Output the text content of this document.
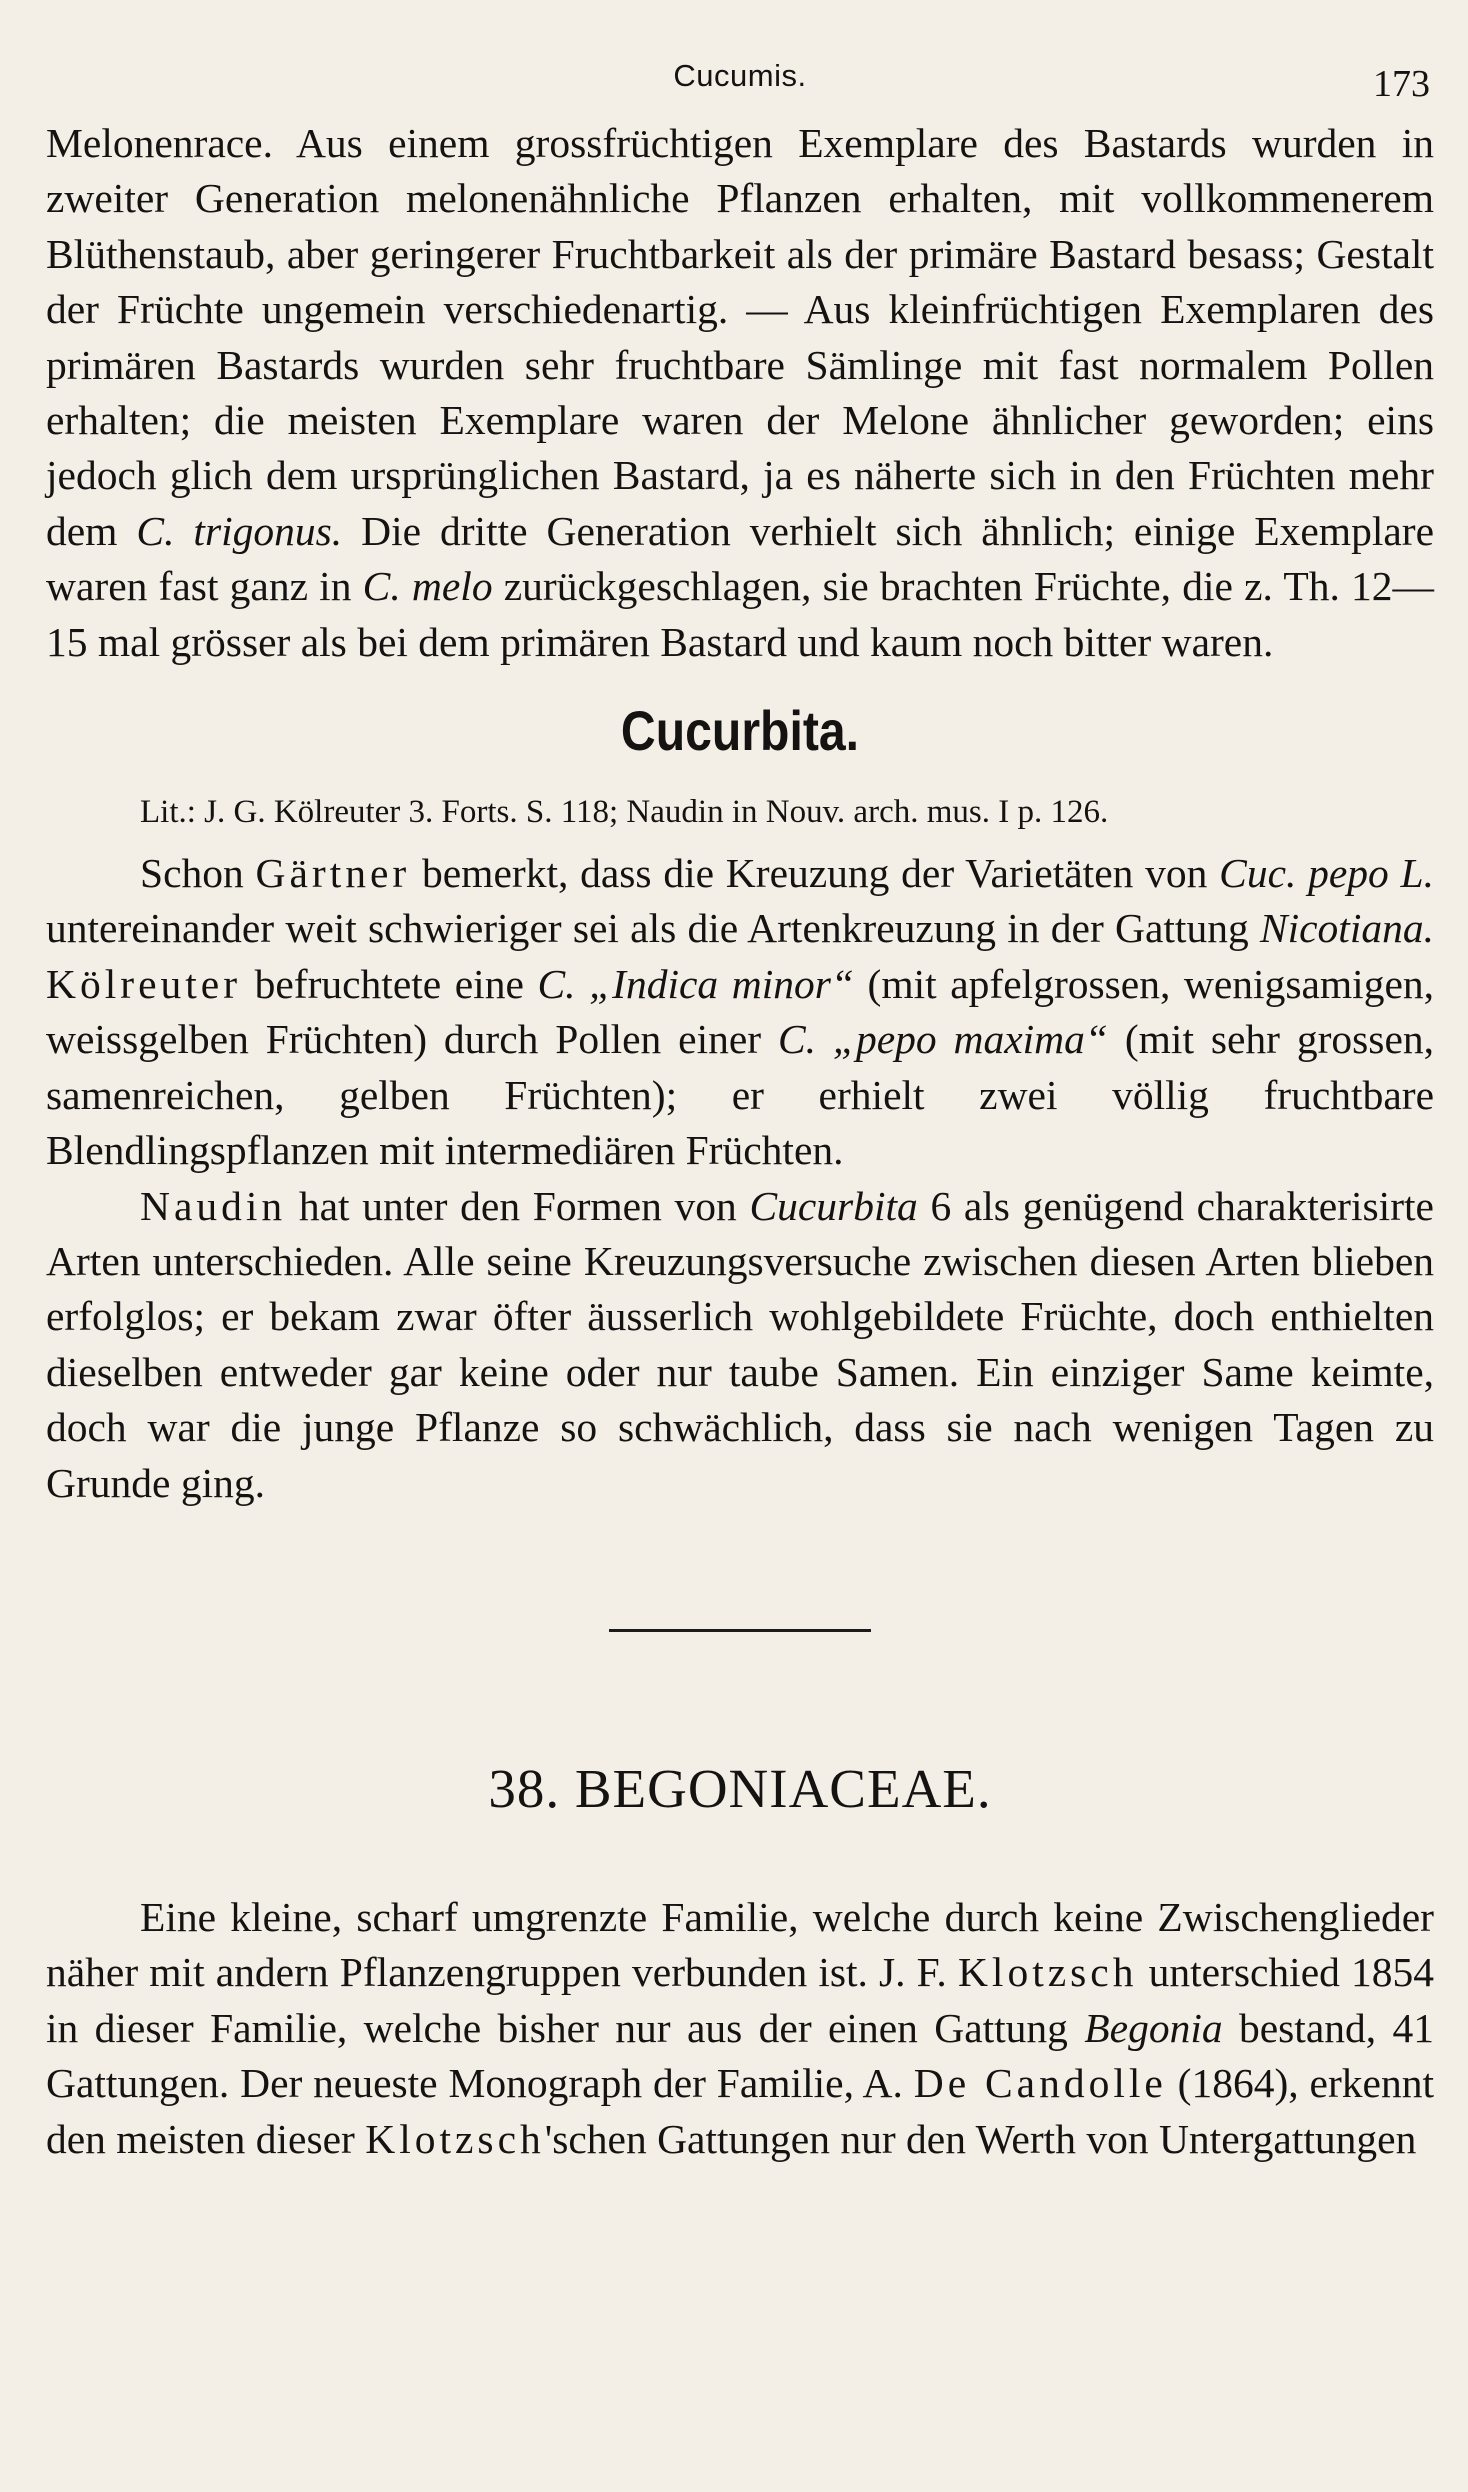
Cucumis.	173

Melonenrace. Aus einem grossfrüchtigen Exemplare des Bastards wurden in zweiter Generation melonenähnliche Pflanzen erhalten, mit vollkommenerem Blüthenstaub, aber geringerer Fruchtbarkeit als der primäre Bastard besass; Gestalt der Früchte ungemein verschiedenartig. — Aus kleinfrüchtigen Exemplaren des primären Bastards wurden sehr fruchtbare Sämlinge mit fast normalem Pollen erhalten; die meisten Exemplare waren der Melone ähnlicher geworden; eins jedoch glich dem ursprünglichen Bastard, ja es näherte sich in den Früchten mehr dem C. trigonus. Die dritte Generation verhielt sich ähnlich; einige Exemplare waren fast ganz in C. melo zurückgeschlagen, sie brachten Früchte, die z. Th. 12—15 mal grösser als bei dem primären Bastard und kaum noch bitter waren.

Cucurbita.
Lit.: J. G. Kölreuter 3. Forts. S. 118; Naudin in Nouv. arch. mus. I p. 126.

Schon Gärtner bemerkt, dass die Kreuzung der Varietäten von Cuc. pepo L. untereinander weit schwieriger sei als die Artenkreuzung in der Gattung Nicotiana. Kölreuter befruchtete eine C. „Indica minor“ (mit apfelgrossen, wenigsamigen, weissgelben Früchten) durch Pollen einer C. „pepo maxima“ (mit sehr grossen, samenreichen, gelben Früchten); er erhielt zwei völlig fruchtbare Blendlingspflanzen mit intermediären Früchten.

Naudin hat unter den Formen von Cucurbita 6 als genügend charakterisirte Arten unterschieden. Alle seine Kreuzungsversuche zwischen diesen Arten blieben erfolglos; er bekam zwar öfter äusserlich wohlgebildete Früchte, doch enthielten dieselben entweder gar keine oder nur taube Samen. Ein einziger Same keimte, doch war die junge Pflanze so schwächlich, dass sie nach wenigen Tagen zu Grunde ging.

38. BEGONIACEAE.

Eine kleine, scharf umgrenzte Familie, welche durch keine Zwischenglieder näher mit andern Pflanzengruppen verbunden ist. J. F. Klotzsch unterschied 1854 in dieser Familie, welche bisher nur aus der einen Gattung Begonia bestand, 41 Gattungen. Der neueste Monograph der Familie, A. De Candolle (1864), erkennt den meisten dieser Klotzsch'schen Gattungen nur den Werth von Untergattungen
